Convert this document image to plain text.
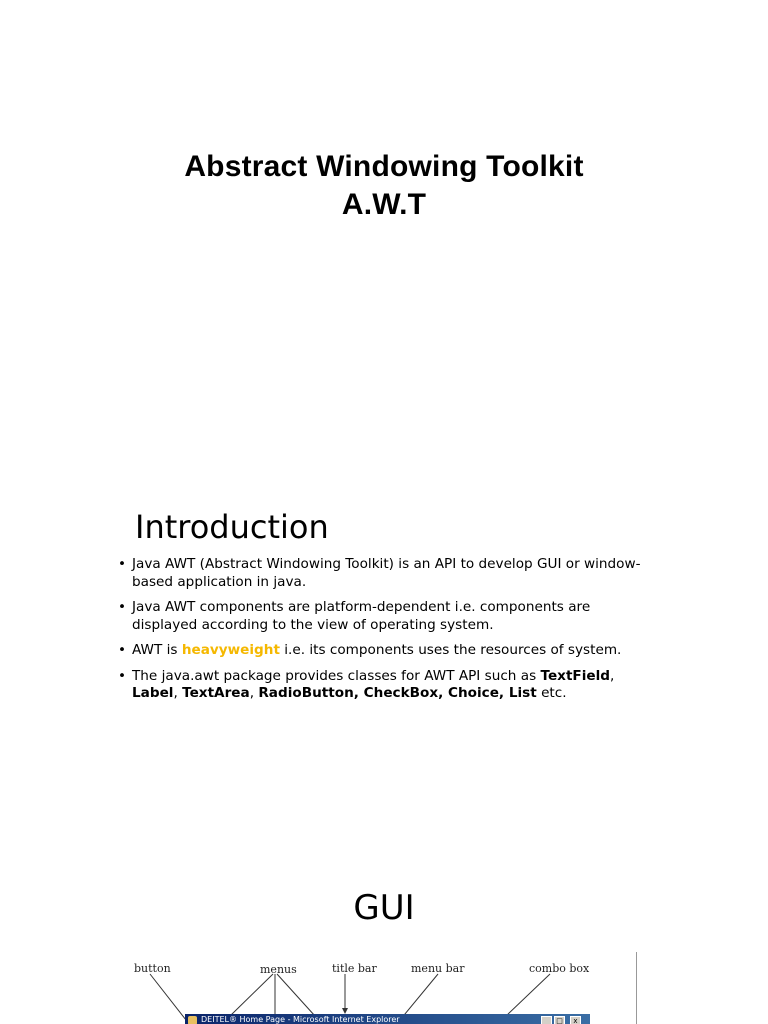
Abstract Windowing Toolkit
A.W.T
Introduction
• Java AWT (Abstract Windowing Toolkit) is an API to develop GUI or window-based application in java.
• Java AWT components are platform-dependent i.e. components are displayed according to the view of operating system.
• AWT is heavyweight i.e. its components uses the resources of system.
• The java.awt package provides classes for AWT API such as TextField, Label, TextArea, RadioButton, CheckBox, Choice, List etc.
GUI
button	menus	title bar	menu bar	combo box
DEITEL® Home Page - Microsoft Internet Explorer	_	□	x
